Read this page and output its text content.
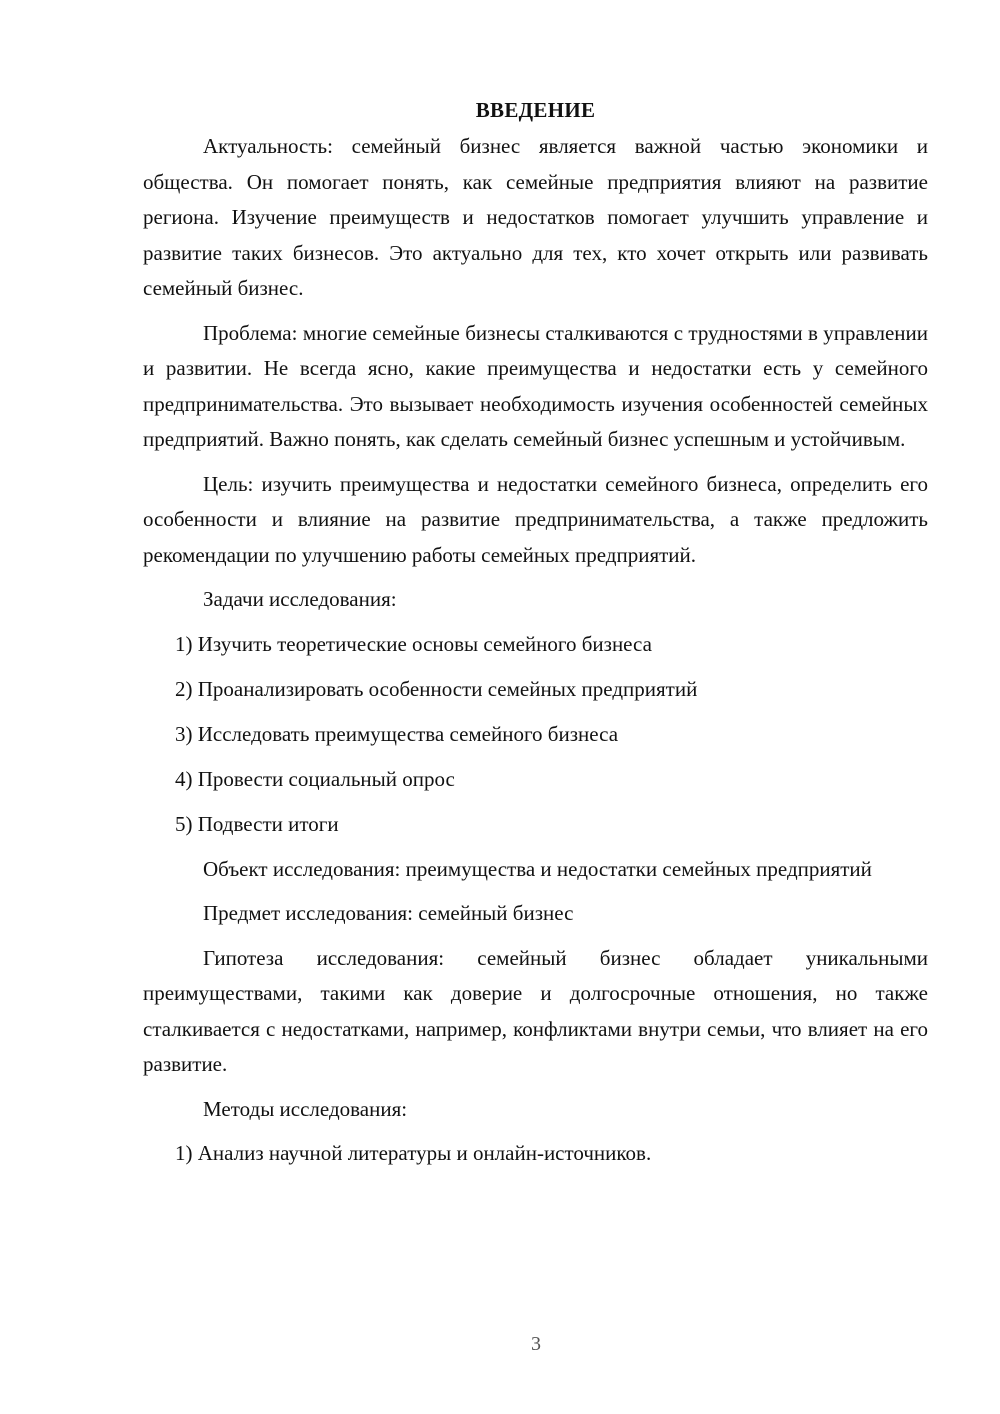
ВВЕДЕНИЕ

Актуальность: семейный бизнес является важной частью экономики и общества. Он помогает понять, как семейные предприятия влияют на развитие региона. Изучение преимуществ и недостатков помогает улучшить управление и развитие таких бизнесов. Это актуально для тех, кто хочет открыть или развивать семейный бизнес.

Проблема: многие семейные бизнесы сталкиваются с трудностями в управлении и развитии. Не всегда ясно, какие преимущества и недостатки есть у семейного предпринимательства. Это вызывает необходимость изучения особенностей семейных предприятий. Важно понять, как сделать семейный бизнес успешным и устойчивым.

Цель: изучить преимущества и недостатки семейного бизнеса, определить его особенности и влияние на развитие предпринимательства, а также предложить рекомендации по улучшению работы семейных предприятий.

Задачи исследования:

1) Изучить теоретические основы семейного бизнеса
2) Проанализировать особенности семейных предприятий
3) Исследовать преимущества семейного бизнеса
4) Провести социальный опрос
5) Подвести итоги

Объект исследования: преимущества и недостатки семейных предприятий

Предмет исследования: семейный бизнес

Гипотеза исследования: семейный бизнес обладает уникальными преимуществами, такими как доверие и долгосрочные отношения, но также сталкивается с недостатками, например, конфликтами внутри семьи, что влияет на его развитие.

Методы исследования:

1) Анализ научной литературы и онлайн-источников.
3
